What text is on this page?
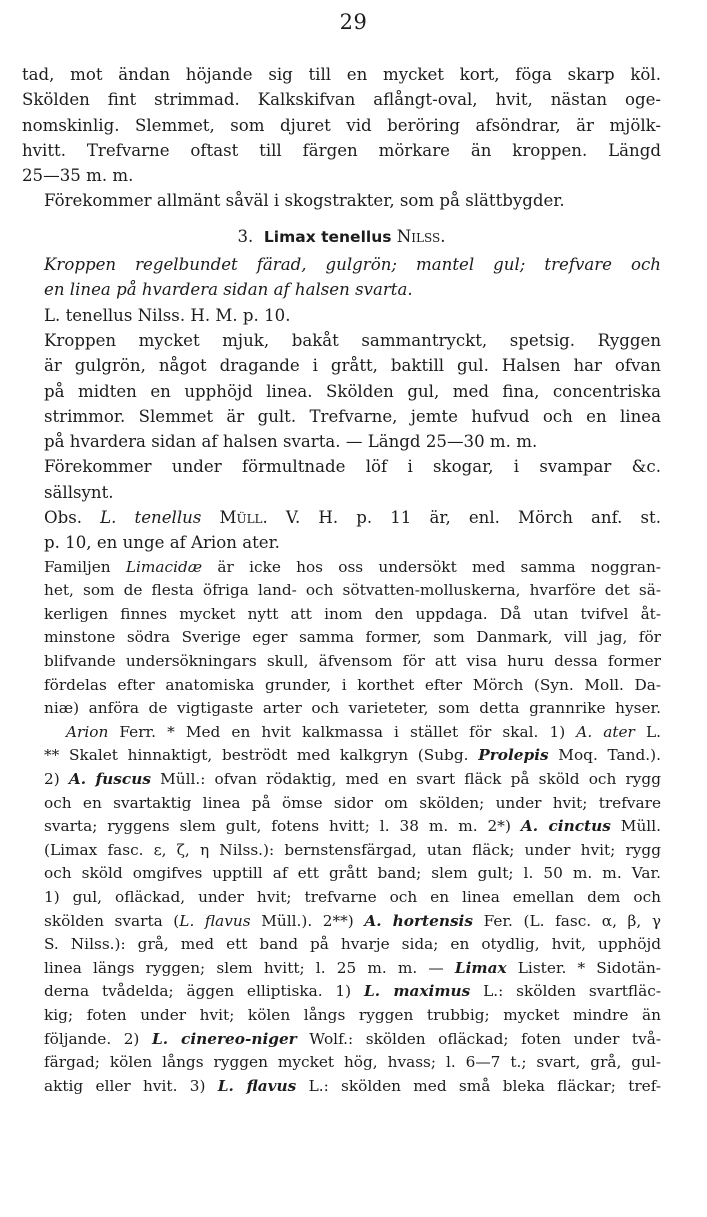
29

tad, mot ändan höjande sig till en mycket kort, föga skarp köl.
Skölden fint strimmad. Kalkskifvan aflångt-oval, hvit, nästan oge-
nomskinlig. Slemmet, som djuret vid beröring afsöndrar, är mjölk-
hvitt. Trefvarne oftast till färgen mörkare än kroppen. Längd
25—35 m. m.

Förekommer allmänt såväl i skogstrakter, som på slättbygder.

3. Limax tenellus Nilss.

Kroppen regelbundet färad, gulgrön; mantel gul; trefvare och
en linea på hvardera sidan af halsen svarta.

L. tenellus Nilss. H. M. p. 10.

Kroppen mycket mjuk, bakåt sammantryckt, spetsig. Ryggen
är gulgrön, något dragande i grått, baktill gul. Halsen har ofvan
på midten en upphöjd linea. Skölden gul, med fina, concentriska
strimmor. Slemmet är gult. Trefvarne, jemte hufvud och en linea
på hvardera sidan af halsen svarta. — Längd 25—30 m. m.

Förekommer under förmultnade löf i skogar, i svampar &c.
sällsynt.

Obs. L. tenellus Müll. V. H. p. 11 är, enl. Mörch anf. st.
p. 10, en unge af Arion ater.

Familjen Limacidæ är icke hos oss undersökt med samma noggran-
het, som de flesta öfriga land- och sötvatten-molluskerna, hvarföre det sä-
kerligen finnes mycket nytt att inom den uppdaga. Då utan tvifvel åt-
minstone södra Sverige eger samma former, som Danmark, vill jag, för
blifvande undersökningars skull, äfvensom för att visa huru dessa former
fördelas efter anatomiska grunder, i korthet efter Mörch (Syn. Moll. Da-
niæ) anföra de vigtigaste arter och varieteter, som detta grannrike hyser.
Arion Ferr. * Med en hvit kalkmassa i stället för skal. 1) A. ater L.
** Skalet hinnaktigt, beströdt med kalkgryn (Subg. Prolepis Moq. Tand.).
2) A. fuscus Müll.: ofvan rödaktig, med en svart fläck på sköld och rygg
och en svartaktig linea på ömse sidor om skölden; under hvit; trefvare
svarta; ryggens slem gult, fotens hvitt; l. 38 m. m. 2*) A. cinctus Müll.
(Limax fasc. ε, ζ, η Nilss.): bernstensfärgad, utan fläck; under hvit; rygg
och sköld omgifves upptill af ett grått band; slem gult; l. 50 m. m. Var.
1) gul, ofläckad, under hvit; trefvarne och en linea emellan dem och
skölden svarta (L. flavus Müll.). 2**) A. hortensis Fer. (L. fasc. α, β, γ
S. Nilss.): grå, med ett band på hvarje sida; en otydlig, hvit, upphöjd
linea längs ryggen; slem hvitt; l. 25 m. m. — Limax Lister. * Sidotän-
derna tvådelda; äggen elliptiska. 1) L. maximus L.: skölden svartfläc-
kig; foten under hvit; kölen långs ryggen trubbig; mycket mindre än
följande. 2) L. cinereo-niger Wolf.: skölden ofläckad; foten under två-
färgad; kölen långs ryggen mycket hög, hvass; l. 6—7 t.; svart, grå, gul-
aktig eller hvit. 3) L. flavus L.: skölden med små bleka fläckar; tref-
